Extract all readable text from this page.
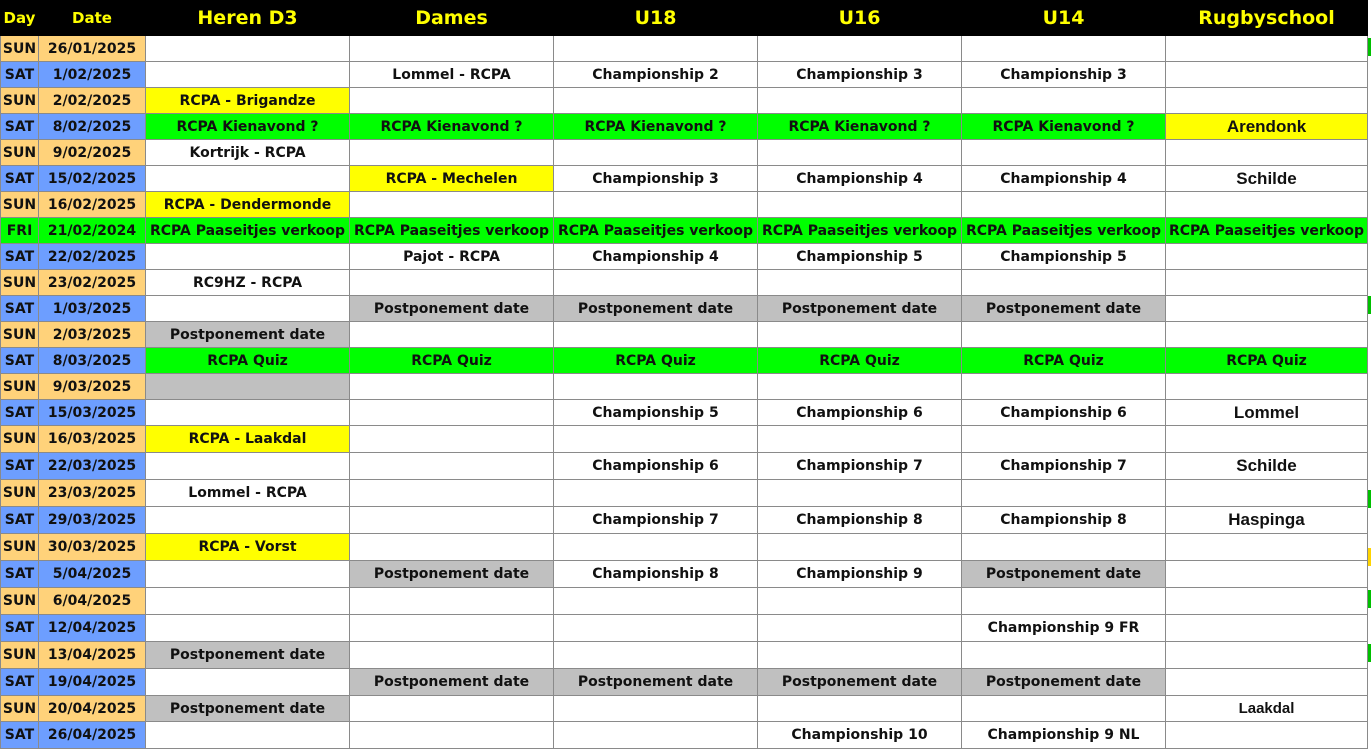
Day	Date	Heren D3	Dames	U18	U16	U14	Rugbyschool
SUN	26/01/2025						
SAT	1/02/2025		Lommel - RCPA	Championship 2	Championship 3	Championship 3	
SUN	2/02/2025	RCPA - Brigandze					
SAT	8/02/2025	RCPA Kienavond ?	RCPA Kienavond ?	RCPA Kienavond ?	RCPA Kienavond ?	RCPA Kienavond ?	Arendonk
SUN	9/02/2025	Kortrijk - RCPA					
SAT	15/02/2025		RCPA - Mechelen	Championship 3	Championship 4	Championship 4	Schilde
SUN	16/02/2025	RCPA - Dendermonde					
FRI	21/02/2024	RCPA Paaseitjes verkoop	RCPA Paaseitjes verkoop	RCPA Paaseitjes verkoop	RCPA Paaseitjes verkoop	RCPA Paaseitjes verkoop	RCPA Paaseitjes verkoop
SAT	22/02/2025		Pajot - RCPA	Championship 4	Championship 5	Championship 5	
SUN	23/02/2025	RC9HZ - RCPA					
SAT	1/03/2025		Postponement date	Postponement date	Postponement date	Postponement date	
SUN	2/03/2025	Postponement date					
SAT	8/03/2025	RCPA Quiz	RCPA Quiz	RCPA Quiz	RCPA Quiz	RCPA Quiz	RCPA Quiz
SUN	9/03/2025						
SAT	15/03/2025			Championship 5	Championship 6	Championship 6	Lommel
SUN	16/03/2025	RCPA - Laakdal					
SAT	22/03/2025			Championship 6	Championship 7	Championship 7	Schilde
SUN	23/03/2025	Lommel - RCPA					
SAT	29/03/2025			Championship 7	Championship 8	Championship 8	Haspinga
SUN	30/03/2025	RCPA - Vorst					
SAT	5/04/2025		Postponement date	Championship 8	Championship 9	Postponement date	
SUN	6/04/2025						
SAT	12/04/2025					Championship 9 FR	
SUN	13/04/2025	Postponement date					
SAT	19/04/2025		Postponement date	Postponement date	Postponement date	Postponement date	
SUN	20/04/2025	Postponement date					Laakdal
SAT	26/04/2025				Championship 10	Championship 9 NL	
